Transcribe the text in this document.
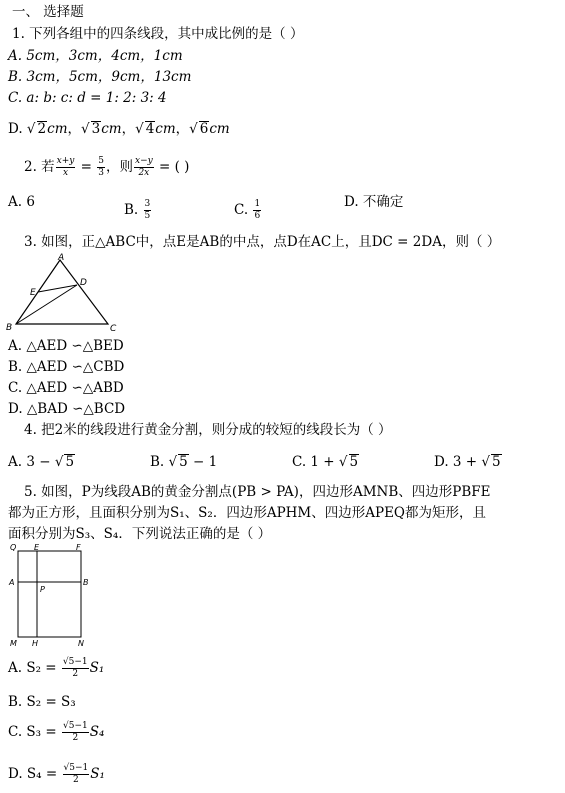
一、 选择题
1. 下列各组中的四条线段，其中成比例的是（ ）
A. 5cm，3cm，4cm，1cm
B. 3cm，5cm，9cm，13cm
C. a: b: c: d = 1: 2: 3: 4
D. √ 2cm，√ 3cm，√ 4cm，√ 6cm
2. 若 $\frac{x+y}{x} = \frac{5}{3}$ ，则 $\frac{x-y}{2x}$ = ( )
A. 6	B. $\frac{3}{5}$	C. $\frac{1}{6}$	D. 不确定
3. 如图，正△ABC中，点E是AB的中点，点D在AC上，且DC = 2DA，则（ ）
A
B	C
D
E
A. △AED ∽△BED
B. △AED ∽△CBD
C. △AED ∽△ABD
D. △BAD ∽△BCD
4. 把2米的线段进行黄金分割，则分成的较短的线段长为（ ）
A. 3 − √ 5	B. √ 5 − 1	C. 1 + √ 5	D. 3 + √ 5
5. 如图，P为线段AB的黄金分割点(PB > PA)，四边形AMNB、四边形PBFE
都为正方形，且面积分别为S₁、S₂．四边形APHM、四边形APEQ都为矩形，且
面积分别为S₃、S₄．下列说法正确的是（ ）
Q E	F
A	B
P
M H	N
A. $S_2 = \frac{√5-1}{2} S_1$
B. S₂ = S₃
C. $S_3 = \frac{√5-1}{2} S_4$
D. $S_4 = \frac{√5-1}{2} S_1$
